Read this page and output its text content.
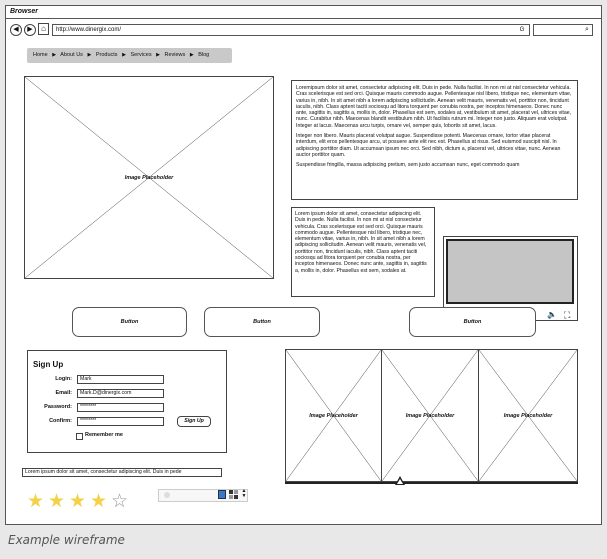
Browser
◀	▶	⌂	http://www.dinergix.com/	G	⌕
Home ▶ About Us ▶ Products ▶ Services ▶ Reviews ▶ Blog
Image Placeholder

Loremipsum dolor sit amet, consectetur adipiscing elit. Duis in pede. Nulla facilisi. In non mi at nisl consectetur vehicula. Cras scelerisque est sed orci. Quisque mauris commodo augue. Pellentesque nisl libero, tristique nec, elementum vitae, varius in, nibh. In sit amet nibh a lorem adipiscing sollicitudin. Aenean velit mauris, venenatis vel, porttitor non, tincidunt iaculis, nibh. Class aptent taciti sociosqu ad litora torquent per conubia nostra, per inceptos himenaeos. Donec nunc ante, sagittis in, sagittis a, mollis in, dolor. Phasellus est sem, sodales at, vestibulum sit amet, placerat vel, ultrices vitae, nunc. Curabitur nibh. Maecenas blandit vestibulum nibh. Ut facilisis rutrum mi. Integer non justo. Aliquam erat volutpat. Integer at lacus. Maecenas arcu turpis, ornare vel, semper quis, lobortis sit amet, lacus.

Integer non libero. Mauris placerat volutpat augue. Suspendisse potenti. Maecenas ornare, tortor vitae placerat interdum, elit eros pellentesque arcu, ut posuere ante elit nec est. Phasellus at risus. Sed euismod suscipit nisl. In adipiscing porttitor diam. Ut accumsan ipsum nec orci. Sed nibh, dictum a, placerat vel, ultrices vitae, nunc. Aenean auctor porttitor quam.

Suspendisse fringilla, massa adipiscing pretium, sem justo accumsan nunc, eget commodo quam

Lorem ipsum dolor sit amet, consectetur adipiscing elit. Duis in pede. Nulla facilisi. In non mi at nisl consectetur vehicula. Cras scelerisque est sed orci. Quisque mauris commodo augue. Pellentesque nisl libero, tristique nec, elementum vitae, varius in, nibh. In sit amet nibh a lorem adipiscing sollicitudin. Aenean velit mauris, venenatis vel, porttitor non, tincidunt iaculis, nibh. Class aptent taciti sociosqu ad litora torquent per conubia nostra, per inceptos himenaeos. Donec nunc ante, sagittis in, sagittis a, mollis in, dolor. Phasellus est sem, sodales at.

🔈 ⛶
Button	Button	Button
Sign Up
Login:	Mark
Email:	Mark.D@dinergix.com
Password:	********
Confirm:	********	Sign Up
Remember me
Lorem ipsum dolor sit amet, consectetur adipiscing elit. Duis in pede
★ ★ ★ ★ ☆	▲
▼
Image Placeholder	Image Placeholder	Image Placeholder
Example wireframe
